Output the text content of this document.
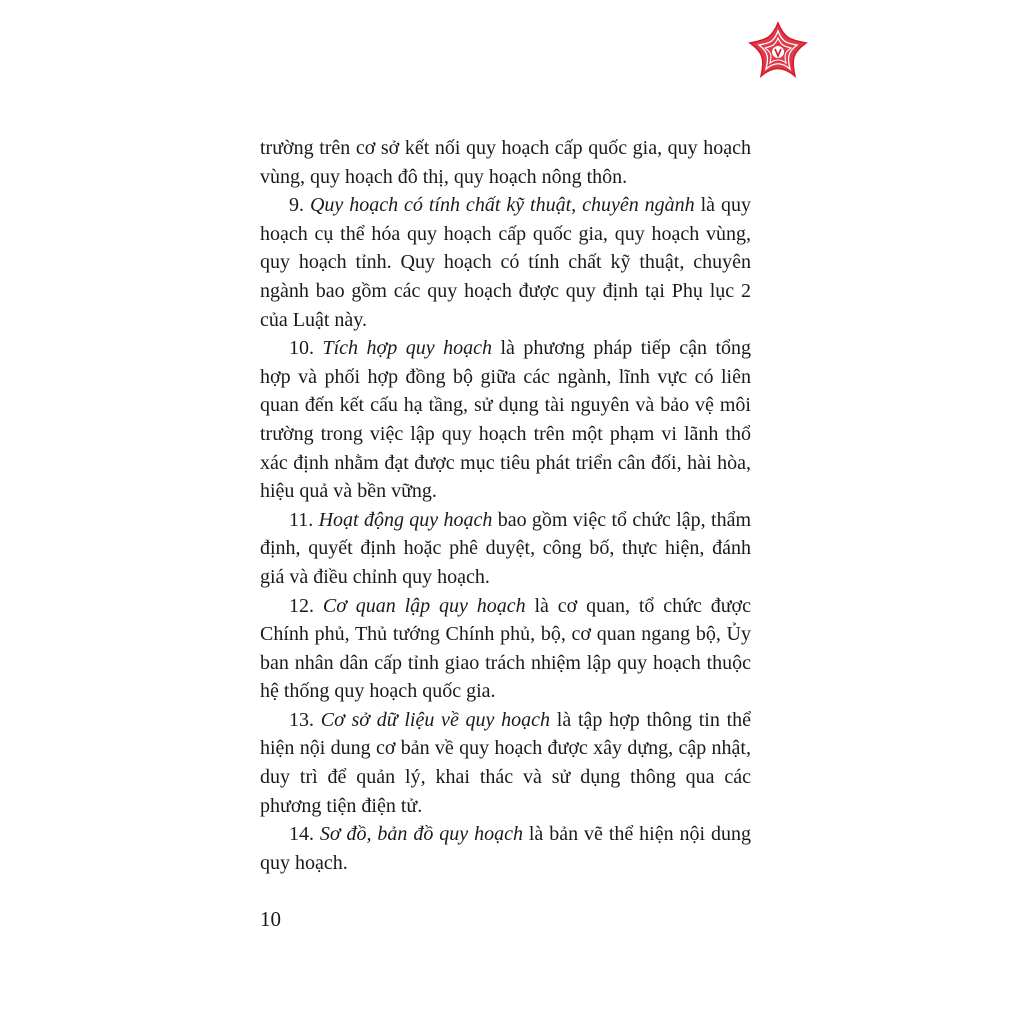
trường trên cơ sở kết nối quy hoạch cấp quốc gia, quy hoạch vùng, quy hoạch đô thị, quy hoạch nông thôn.

9. Quy hoạch có tính chất kỹ thuật, chuyên ngành là quy hoạch cụ thể hóa quy hoạch cấp quốc gia, quy hoạch vùng, quy hoạch tỉnh. Quy hoạch có tính chất kỹ thuật, chuyên ngành bao gồm các quy hoạch được quy định tại Phụ lục 2 của Luật này.

10. Tích hợp quy hoạch là phương pháp tiếp cận tổng hợp và phối hợp đồng bộ giữa các ngành, lĩnh vực có liên quan đến kết cấu hạ tầng, sử dụng tài nguyên và bảo vệ môi trường trong việc lập quy hoạch trên một phạm vi lãnh thổ xác định nhằm đạt được mục tiêu phát triển cân đối, hài hòa, hiệu quả và bền vững.

11. Hoạt động quy hoạch bao gồm việc tổ chức lập, thẩm định, quyết định hoặc phê duyệt, công bố, thực hiện, đánh giá và điều chỉnh quy hoạch.

12. Cơ quan lập quy hoạch là cơ quan, tổ chức được Chính phủ, Thủ tướng Chính phủ, bộ, cơ quan ngang bộ, Ủy ban nhân dân cấp tỉnh giao trách nhiệm lập quy hoạch thuộc hệ thống quy hoạch quốc gia.

13. Cơ sở dữ liệu về quy hoạch là tập hợp thông tin thể hiện nội dung cơ bản về quy hoạch được xây dựng, cập nhật, duy trì để quản lý, khai thác và sử dụng thông qua các phương tiện điện tử.

14. Sơ đồ, bản đồ quy hoạch là bản vẽ thể hiện nội dung quy hoạch.

10
